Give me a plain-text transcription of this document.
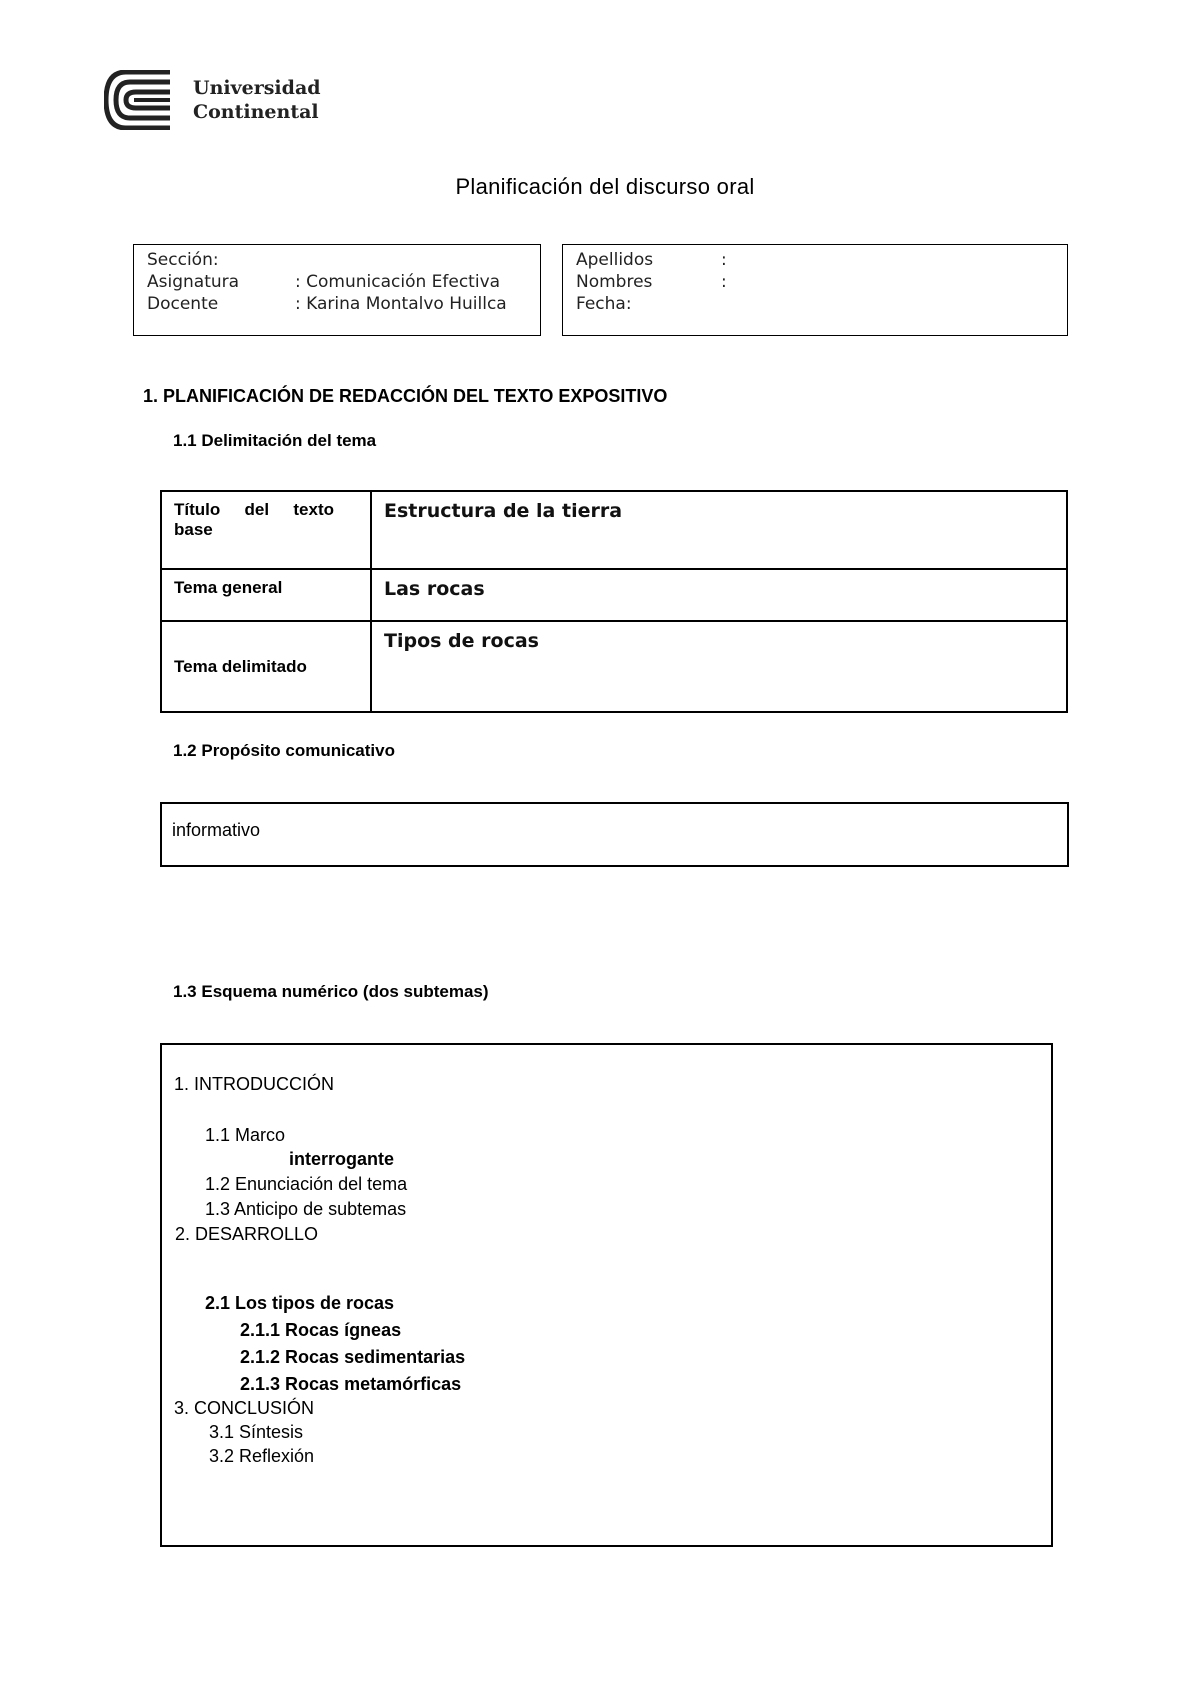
Universidad
Continental
Planificación del discurso oral
Sección:
Asignatura	: Comunicación Efectiva
Docente	: Karina Montalvo Huillca
Apellidos	:
Nombres	:
Fecha:
1. PLANIFICACIÓN DE REDACCIÓN DEL TEXTO EXPOSITIVO
1.1 Delimitación del tema
Título del texto base	Estructura de la tierra
Tema general	Las rocas
Tema delimitado	Tipos de rocas
1.2 Propósito comunicativo
informativo
1.3 Esquema numérico (dos subtemas)
1. INTRODUCCIÓN
1.1 Marco
interrogante
1.2 Enunciación del tema
1.3 Anticipo de subtemas
2. DESARROLLO
2.1 Los tipos de rocas
2.1.1 Rocas ígneas
2.1.2 Rocas sedimentarias
2.1.3 Rocas metamórficas
3. CONCLUSIÓN
3.1 Síntesis
3.2 Reflexión
